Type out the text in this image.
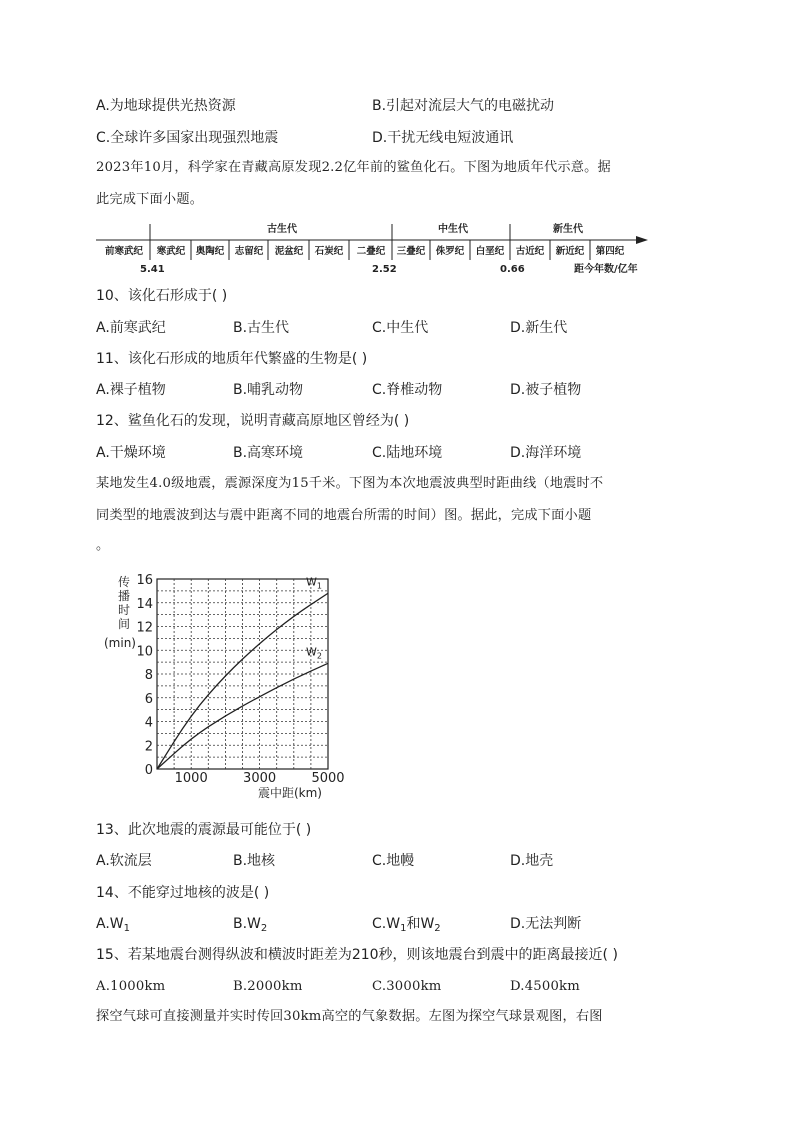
A.为地球提供光热资源	B.引起对流层大气的电磁扰动
C.全球许多国家出现强烈地震	D.干扰无线电短波通讯
2023年10月，科学家在青藏高原发现2.2亿年前的鲨鱼化石。下图为地质年代示意。据
此完成下面小题。
古生代	中生代	新生代
前寒武纪 寒武纪 奥陶纪 志留纪 泥盆纪 石炭纪 二叠纪 三叠纪 侏罗纪 白垩纪 古近纪 新近纪 第四纪
5.41	2.52	0.66	距今年数/亿年
10、该化石形成于( )
A.前寒武纪	B.古生代	C.中生代	D.新生代
11、该化石形成的地质年代繁盛的生物是( )
A.裸子植物	B.哺乳动物	C.脊椎动物	D.被子植物
12、鲨鱼化石的发现，说明青藏高原地区曾经为( )
A.干燥环境	B.高寒环境	C.陆地环境	D.海洋环境
某地发生4.0级地震，震源深度为15千米。下图为本次地震波典型时距曲线（地震时不
同类型的地震波到达与震中距离不同的地震台所需的时间）图。据此，完成下面小题
。
传
播
时
间
(min)
0
2
4
6
8
10
12
14
16
1000	3000	5000
$W_1$
$W_2$
震中距(km)
13、此次地震的震源最可能位于( )
A.软流层	B.地核	C.地幔	D.地壳
14、不能穿过地核的波是( )
$A.W_1$	$B.W_2$	$C.W_1$和$W_2$	D.无法判断
15、若某地震台测得纵波和横波时距差为210秒，则该地震台到震中的距离最接近( )
A.1000km	B.2000km	C.3000km	D.4500km
探空气球可直接测量并实时传回30km高空的气象数据。左图为探空气球景观图，右图
